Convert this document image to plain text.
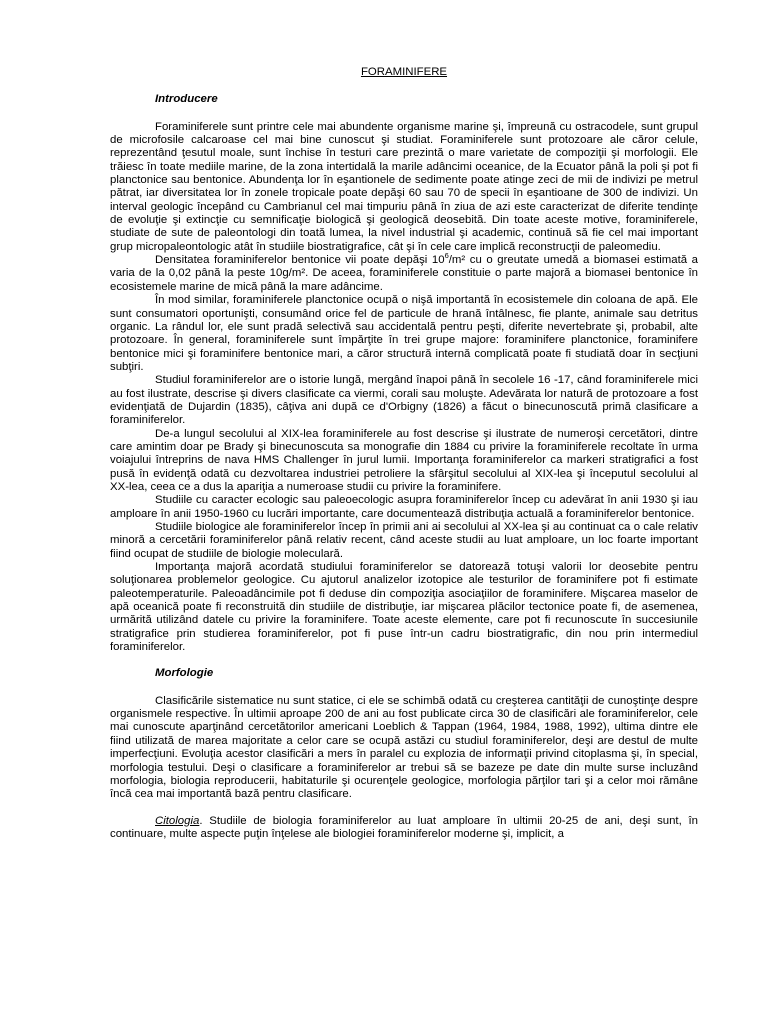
FORAMINIFERE
Introducere

Foraminiferele sunt printre cele mai abundente organisme marine şi, împreună cu ostracodele, sunt grupul de microfosile calcaroase cel mai bine cunoscut şi studiat. Foraminiferele sunt protozoare ale căror celule, reprezentând ţesutul moale, sunt închise în testuri care prezintă o mare varietate de compoziţii şi morfologii. Ele trăiesc în toate mediile marine, de la zona intertidală la marile adâncimi oceanice, de la Ecuator până la poli şi pot fi planctonice sau bentonice. Abundenţa lor în eşantionele de sedimente poate atinge zeci de mii de indivizi pe metrul pătrat, iar diversitatea lor în zonele tropicale poate depăşi 60 sau 70 de specii în eşantioane de 300 de indivizi. Un interval geologic începând cu Cambrianul cel mai timpuriu până în ziua de azi este caracterizat de diferite tendinţe de evoluţie şi extincţie cu semnificaţie biologică şi geologică deosebită. Din toate aceste motive, foraminiferele, studiate de sute de paleontologi din toată lumea, la nivel industrial şi academic, continuă să fie cel mai important grup micropaleontologic atât în studiile biostratigrafice, cât şi în cele care implică reconstrucţii de paleomediu.

Densitatea foraminiferelor bentonice vii poate depăşi $10^6/m^2$ cu o greutate umedă a biomasei estimată a varia de la 0,02 până la peste 10g/m². De aceea, foraminiferele constituie o parte majoră a biomasei bentonice în ecosistemele marine de mică până la mare adâncime.

În mod similar, foraminiferele planctonice ocupă o nişă importantă în ecosistemele din coloana de apă. Ele sunt consumatori oportunişti, consumând orice fel de particule de hrană întâlnesc, fie plante, animale sau detritus organic. La rândul lor, ele sunt pradă selectivă sau accidentală pentru peşti, diferite nevertebrate şi, probabil, alte protozoare. În general, foraminiferele sunt împărţite în trei grupe majore: foraminifere planctonice, foraminifere bentonice mici şi foraminifere bentonice mari, a căror structură internă complicată poate fi studiată doar în secţiuni subţiri.

Studiul foraminiferelor are o istorie lungă, mergând înapoi până în secolele 16 -17, când foraminiferele mici au fost ilustrate, descrise şi divers clasificate ca viermi, corali sau moluşte. Adevărata lor natură de protozoare a fost evidenţiată de Dujardin (1835), câţiva ani după ce d'Orbigny (1826) a făcut o binecunoscută primă clasificare a foraminiferelor.

De-a lungul secolului al XIX-lea foraminiferele au fost descrise şi ilustrate de numeroşi cercetători, dintre care amintim doar pe Brady şi binecunoscuta sa monografie din 1884 cu privire la foraminiferele recoltate în urma voiajului întreprins de nava HMS Challenger în jurul lumii. Importanţa foraminiferelor ca markeri stratigrafici a fost pusă în evidenţă odată cu dezvoltarea industriei petroliere la sfârşitul secolului al XIX-lea şi începutul secolului al XX-lea, ceea ce a dus la apariţia a numeroase studii cu privire la foraminifere.

Studiile cu caracter ecologic sau paleoecologic asupra foraminiferelor încep cu adevărat în anii 1930 şi iau amploare în anii 1950-1960 cu lucrări importante, care documentează distribuţia actuală a foraminiferelor bentonice.

Studiile biologice ale foraminiferelor încep în primii ani ai secolului al XX-lea şi au continuat ca o cale relativ minoră a cercetării foraminiferelor până relativ recent, când aceste studii au luat amploare, un loc foarte important fiind ocupat de studiile de biologie moleculară.

Importanţa majoră acordată studiului foraminiferelor se datorează totuşi valorii lor deosebite pentru soluţionarea problemelor geologice. Cu ajutorul analizelor izotopice ale testurilor de foraminifere pot fi estimate paleotemperaturile. Paleoadâncimile pot fi deduse din compoziţia asociaţiilor de foraminifere. Mişcarea maselor de apă oceanică poate fi reconstruită din studiile de distribuţie, iar mişcarea plăcilor tectonice poate fi, de asemenea, urmărită utilizând datele cu privire la foraminifere. Toate aceste elemente, care pot fi recunoscute în succesiunile stratigrafice prin studierea foraminiferelor, pot fi puse într-un cadru biostratigrafic, din nou prin intermediul foraminiferelor.

Morfologie

Clasificările sistematice nu sunt statice, ci ele se schimbă odată cu creşterea cantităţii de cunoştinţe despre organismele respective. În ultimii aproape 200 de ani au fost publicate circa 30 de clasificări ale foraminiferelor, cele mai cunoscute aparţinând cercetătorilor americani Loeblich & Tappan (1964, 1984, 1988, 1992), ultima dintre ele fiind utilizată de marea majoritate a celor care se ocupă astăzi cu studiul foraminiferelor, deşi are destul de multe imperfecţiuni. Evoluţia acestor clasificări a mers în paralel cu explozia de informaţii privind citoplasma şi, în special, morfologia testului. Deşi o clasificare a foraminiferelor ar trebui să se bazeze pe date din multe surse incluzând morfologia, biologia reproducerii, habitaturile şi ocurenţele geologice, morfologia părţilor tari şi a celor moi rămâne încă cea mai importantă bază pentru clasificare.

Citologia. Studiile de biologia foraminiferelor au luat amploare în ultimii 20-25 de ani, deşi sunt, în continuare, multe aspecte puţin înţelese ale biologiei foraminiferelor moderne şi, implicit, a
